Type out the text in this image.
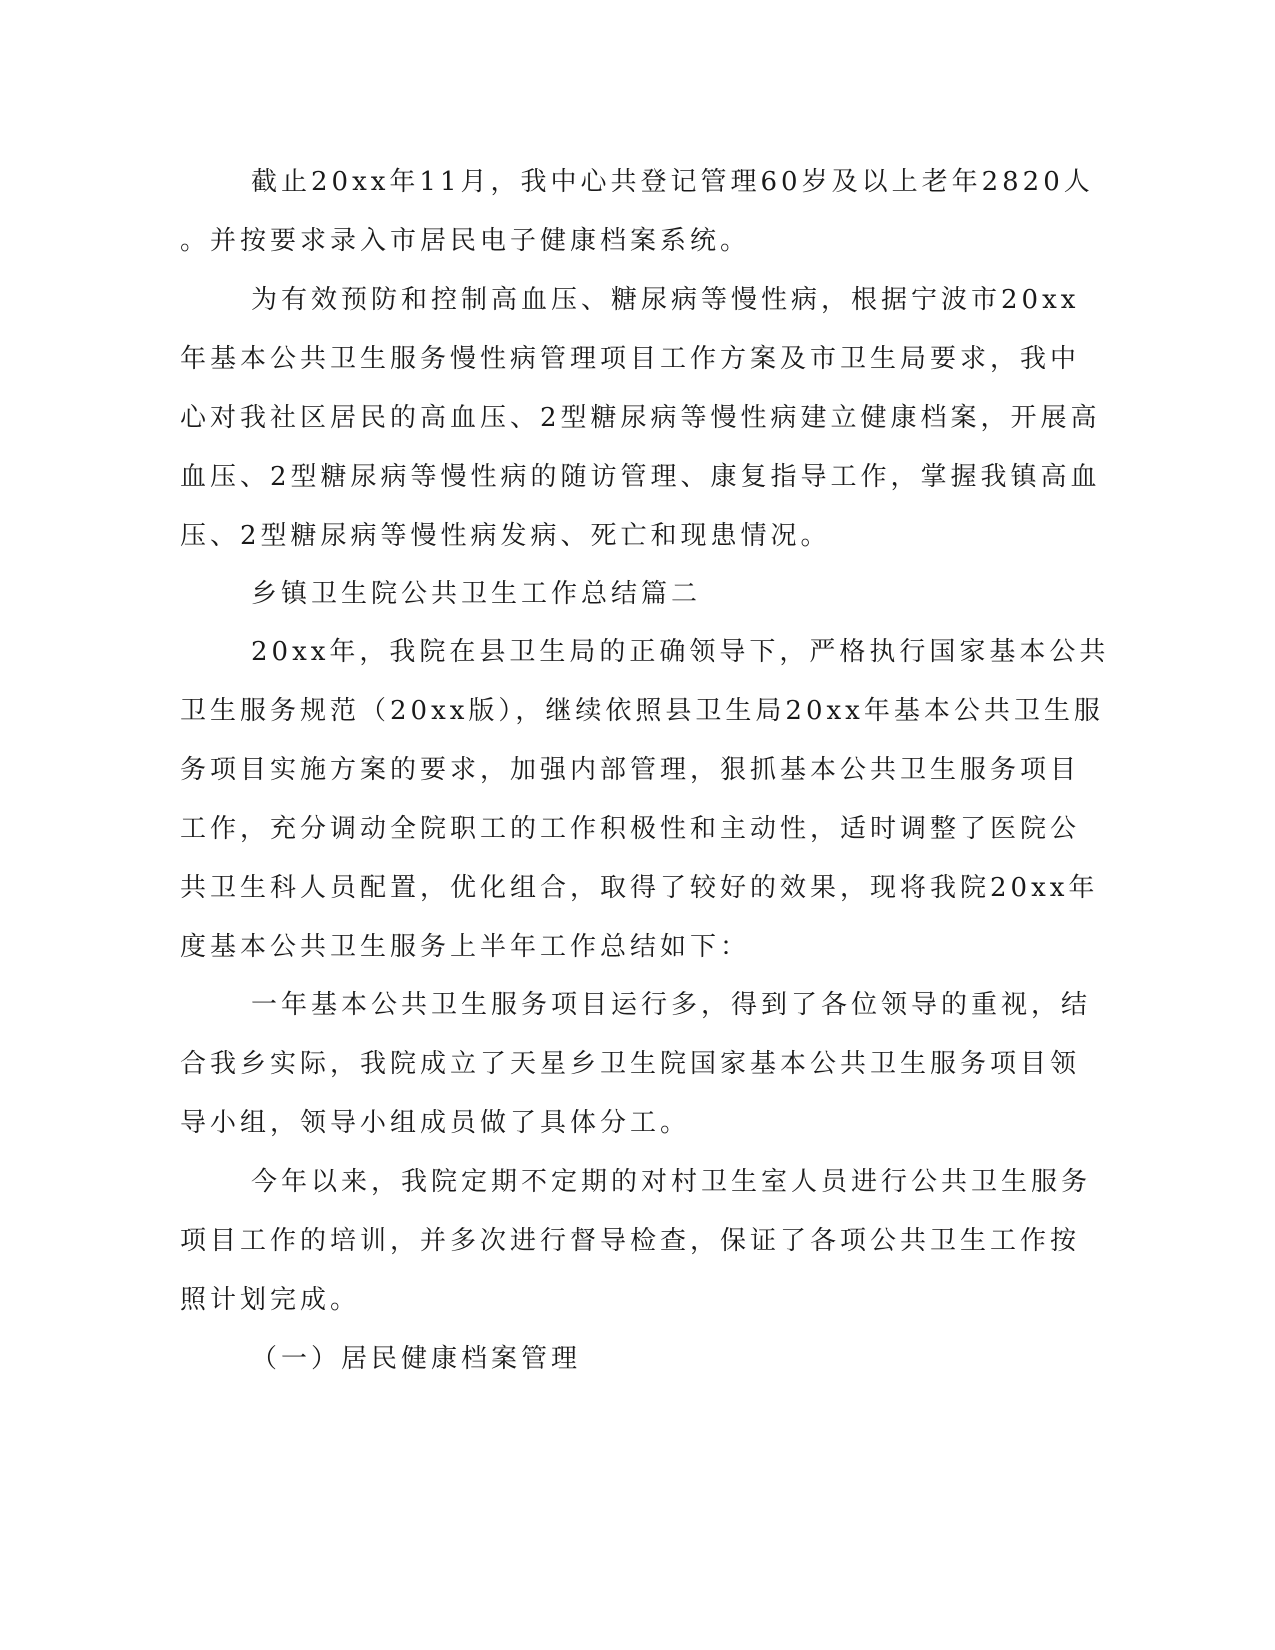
截止20xx年11月，我中心共登记管理60岁及以上老年2820人
。并按要求录入市居民电子健康档案系统。
为有效预防和控制高血压、糖尿病等慢性病，根据宁波市20xx
年基本公共卫生服务慢性病管理项目工作方案及市卫生局要求，我中
心对我社区居民的高血压、2型糖尿病等慢性病建立健康档案，开展高
血压、2型糖尿病等慢性病的随访管理、康复指导工作，掌握我镇高血
压、2型糖尿病等慢性病发病、死亡和现患情况。
乡镇卫生院公共卫生工作总结篇二
20xx年，我院在县卫生局的正确领导下，严格执行国家基本公共
卫生服务规范（20xx版），继续依照县卫生局20xx年基本公共卫生服
务项目实施方案的要求，加强内部管理，狠抓基本公共卫生服务项目
工作，充分调动全院职工的工作积极性和主动性，适时调整了医院公
共卫生科人员配置，优化组合，取得了较好的效果，现将我院20xx年
度基本公共卫生服务上半年工作总结如下：
一年基本公共卫生服务项目运行多，得到了各位领导的重视，结
合我乡实际，我院成立了天星乡卫生院国家基本公共卫生服务项目领
导小组，领导小组成员做了具体分工。
今年以来，我院定期不定期的对村卫生室人员进行公共卫生服务
项目工作的培训，并多次进行督导检查，保证了各项公共卫生工作按
照计划完成。
（一）居民健康档案管理
